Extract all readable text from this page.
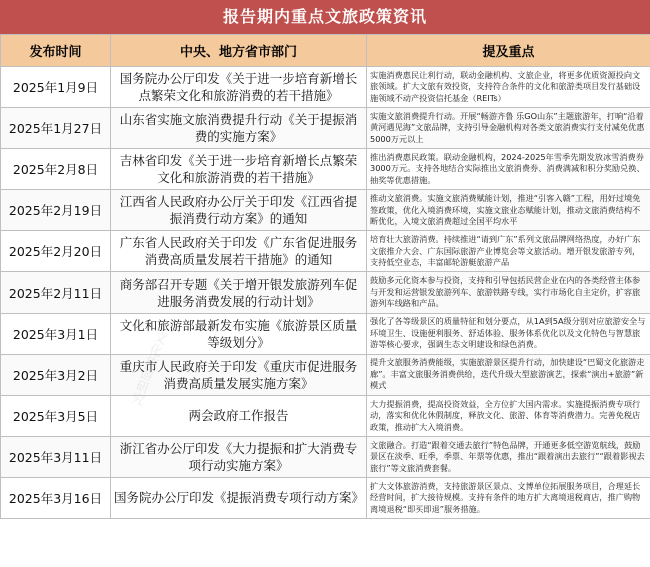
报告期内重点文旅政策资讯
发布时间	中央、地方省市部门	提及重点
2025年1月9日	国务院办公厅印发《关于进一步培育新增长点繁荣文化和旅游消费的若干措施》	实施消费惠民让利行动，联动金融机构、文旅企业，将更多优质资源投向文旅领域。扩大文旅有效投资，支持符合条件的文化和旅游类项目发行基础设施领域不动产投资信托基金（REITs）
2025年1月27日	山东省实施文旅消费提升行动《关于提振消费的实施方案》	实施文旅消费提升行动。开展“畅游齐鲁 乐GO山东”主题旅游年，打响“沿着黄河遇见海”文旅品牌，支持引导金融机构对各类文旅消费实行支付减免优惠5000万元以上
2025年2月8日	吉林省印发《关于进一步培育新增长点繁荣文化和旅游消费的若干措施》	推出消费惠民政策。联动金融机构，2024-2025年雪季先期发放冰雪消费券3000万元。支持各地结合实际推出文旅消费券、消费满减和积分奖励兑换、抽奖等优惠措施。
2025年2月19日	江西省人民政府办公厅关于印发《江西省提振消费行动方案》的通知	推动文旅消费。实施文旅消费赋能计划，推进“引客入赣”工程，用好过境免签政策，优化入境消费环境，实施文旅业态赋能计划，推动文旅消费结构不断优化，入境文旅消费超过全国平均水平
2025年2月20日	广东省人民政府关于印发《广东省促进服务消费高质量发展若干措施》的通知	培育壮大旅游消费。持续推进“请到广东”系列文旅品牌网络热度，办好广东文旅推介大会、广东国际旅游产业博览会等文旅活动。增开银发旅游专列，支持低空业态，丰富邮轮游艇旅游产品
2025年2月11日	商务部召开专题《关于增开银发旅游列车促进服务消费发展的行动计划》	鼓励多元化资本参与投资，支持和引导包括民营企业在内的各类经营主体参与开发和运营银发旅游列车、旅游铁路专线，实行市场化自主定价，扩容旅游列车线路和产品。
2025年3月1日	文化和旅游部最新发布实施《旅游景区质量等级划分》	强化了各等级景区的质量特征和划分要点，从1A到5A级分别对应旅游安全与环境卫生、设施便利服务、舒适体验、服务体系优化以及文化特色与智慧旅游等核心要求，强调生态文明建设和绿色消费。
2025年3月2日	重庆市人民政府关于印发《重庆市促进服务消费高质量发展实施方案》	提升文旅服务消费能级，实施旅游景区提升行动，加快建设“巴蜀文化旅游走廊”。丰富文旅服务消费供给，迭代升级大型旅游演艺，探索“演出+旅游”新模式
2025年3月5日	两会政府工作报告	大力提振消费，提高投资效益，全方位扩大国内需求。实施提振消费专项行动，落实和优化休假制度，释放文化、旅游、体育等消费潜力。完善免税店政策，推动扩大入境消费。
2025年3月11日	浙江省办公厅印发《大力提振和扩大消费专项行动实施方案》	文旅融合。打造“跟着交通去旅行”特色品牌，开通更多低空游览航线，鼓励景区在淡季、旺季，季票、年票等优惠，推出“跟着演出去旅行”“跟着影视去旅行”等文旅消费套餐。
2025年3月16日	国务院办公厅印发《提振消费专项行动方案》	扩大文体旅游消费，支持旅游景区景点、文博单位拓展服务项目，合理延长经营时间，扩大接待规模。支持有条件的地方扩大离境退税商店，推广购物离境退税“即买即退”服务措施。
